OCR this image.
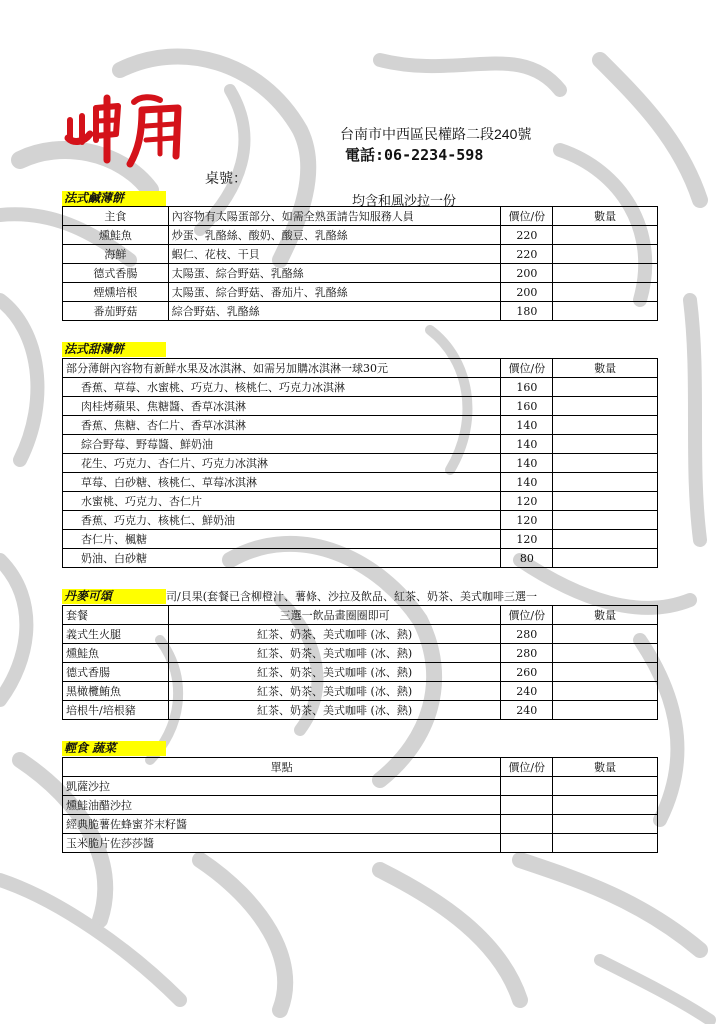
台南市中西區民權路二段240號
電話:06-2234-598
桌號：
法式鹹薄餅	均含和風沙拉一份
主食	內容物有太陽蛋部分、如需全熟蛋請告知服務人員	價位/份	數量
燻鮭魚	炒蛋、乳酪絲、酸奶、酸豆、乳酪絲	220	
海鮮	蝦仁、花枝、干貝	220	
德式香腸	太陽蛋、綜合野菇、乳酪絲	200	
煙燻培根	太陽蛋、綜合野菇、番茄片、乳酪絲	200	
番茄野菇	綜合野菇、乳酪絲	180	
法式甜薄餅
部分薄餅內容物有新鮮水果及冰淇淋、如需另加購冰淇淋一球30元	價位/份	數量
香蕉、草莓、水蜜桃、巧克力、核桃仁、巧克力冰淇淋	160	
肉桂烤蘋果、焦糖醬、香草冰淇淋	160	
香蕉、焦糖、杏仁片、香草冰淇淋	140	
綜合野莓、野莓醬、鮮奶油	140	
花生、巧克力、杏仁片、巧克力冰淇淋	140	
草莓、白砂糖、核桃仁、草莓冰淇淋	140	
水蜜桃、巧克力、杏仁片	120	
香蕉、巧克力、核桃仁、鮮奶油	120	
杏仁片、楓糖	120	
奶油、白砂糖	80	
丹麥可頌	司/貝果(套餐已含柳橙汁、薯條、沙拉及飲品、紅茶、奶茶、美式咖啡三選一
套餐	三選一飲品畫圈圈即可	價位/份	數量
義式生火腿	紅茶、奶茶、美式咖啡 (冰、熱)	280	
燻鮭魚	紅茶、奶茶、美式咖啡 (冰、熱)	280	
德式香腸	紅茶、奶茶、美式咖啡 (冰、熱)	260	
黑橄欖鮪魚	紅茶、奶茶、美式咖啡 (冰、熱)	240	
培根牛/培根豬	紅茶、奶茶、美式咖啡 (冰、熱)	240	
輕食 蔬菜
單點	價位/份	數量
凱薩沙拉		
燻鮭油醋沙拉		
經典脆薯佐蜂蜜芥末籽醬		
玉米脆片佐莎莎醬		
